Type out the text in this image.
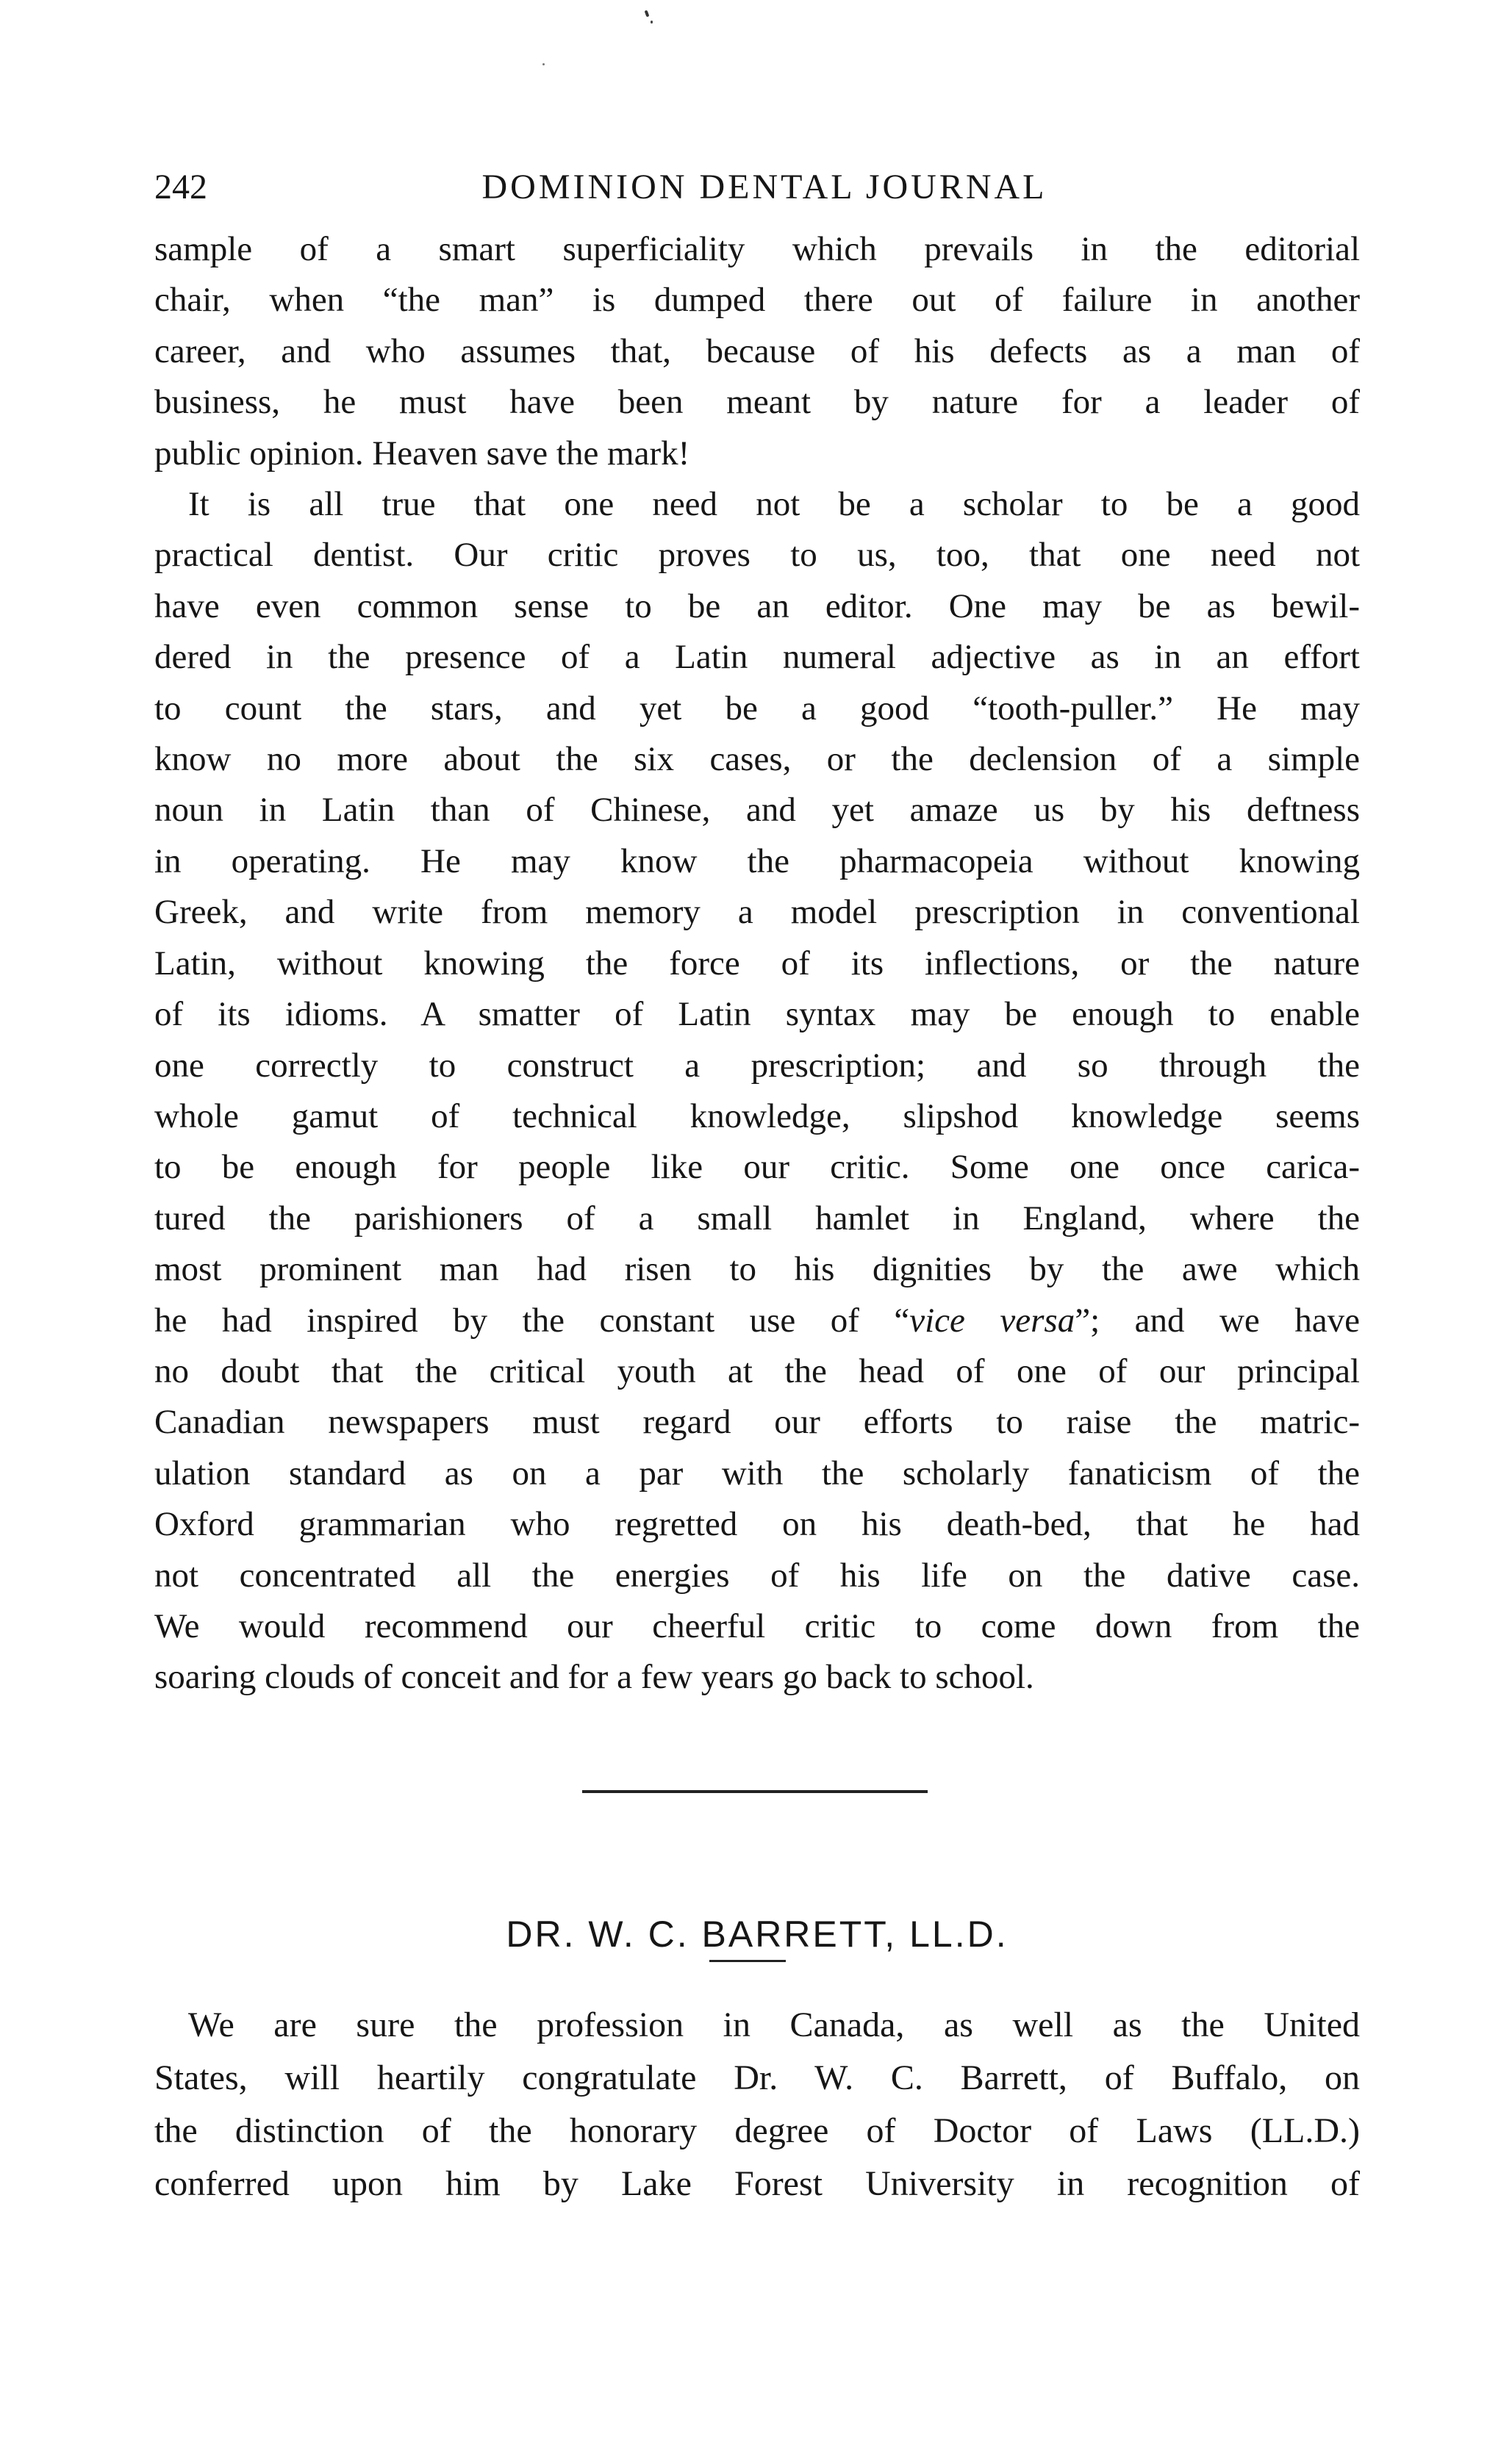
242	DOMINION DENTAL JOURNAL

sample of a smart superficiality which prevails in the editorial
chair, when “the man” is dumped there out of failure in another
career, and who assumes that, because of his defects as a man of
business, he must have been meant by nature for a leader of
public opinion. Heaven save the mark!

It is all true that one need not be a scholar to be a good
practical dentist. Our critic proves to us, too, that one need not
have even common sense to be an editor. One may be as bewil-
dered in the presence of a Latin numeral adjective as in an effort
to count the stars, and yet be a good “tooth-puller.” He may
know no more about the six cases, or the declension of a simple
noun in Latin than of Chinese, and yet amaze us by his deftness
in operating. He may know the pharmacopeia without knowing
Greek, and write from memory a model prescription in conventional
Latin, without knowing the force of its inflections, or the nature
of its idioms. A smatter of Latin syntax may be enough to enable
one correctly to construct a prescription; and so through the
whole gamut of technical knowledge, slipshod knowledge seems
to be enough for people like our critic. Some one once carica-
tured the parishioners of a small hamlet in England, where the
most prominent man had risen to his dignities by the awe which
he had inspired by the constant use of “vice versa”; and we have
no doubt that the critical youth at the head of one of our principal
Canadian newspapers must regard our efforts to raise the matric-
ulation standard as on a par with the scholarly fanaticism of the
Oxford grammarian who regretted on his death-bed, that he had
not concentrated all the energies of his life on the dative case.
We would recommend our cheerful critic to come down from the
soaring clouds of conceit and for a few years go back to school.

DR. W. C. BARRETT, LL.D.

We are sure the profession in Canada, as well as the United
States, will heartily congratulate Dr. W. C. Barrett, of Buffalo, on
the distinction of the honorary degree of Doctor of Laws (LL.D.)
conferred upon him by Lake Forest University in recognition of
